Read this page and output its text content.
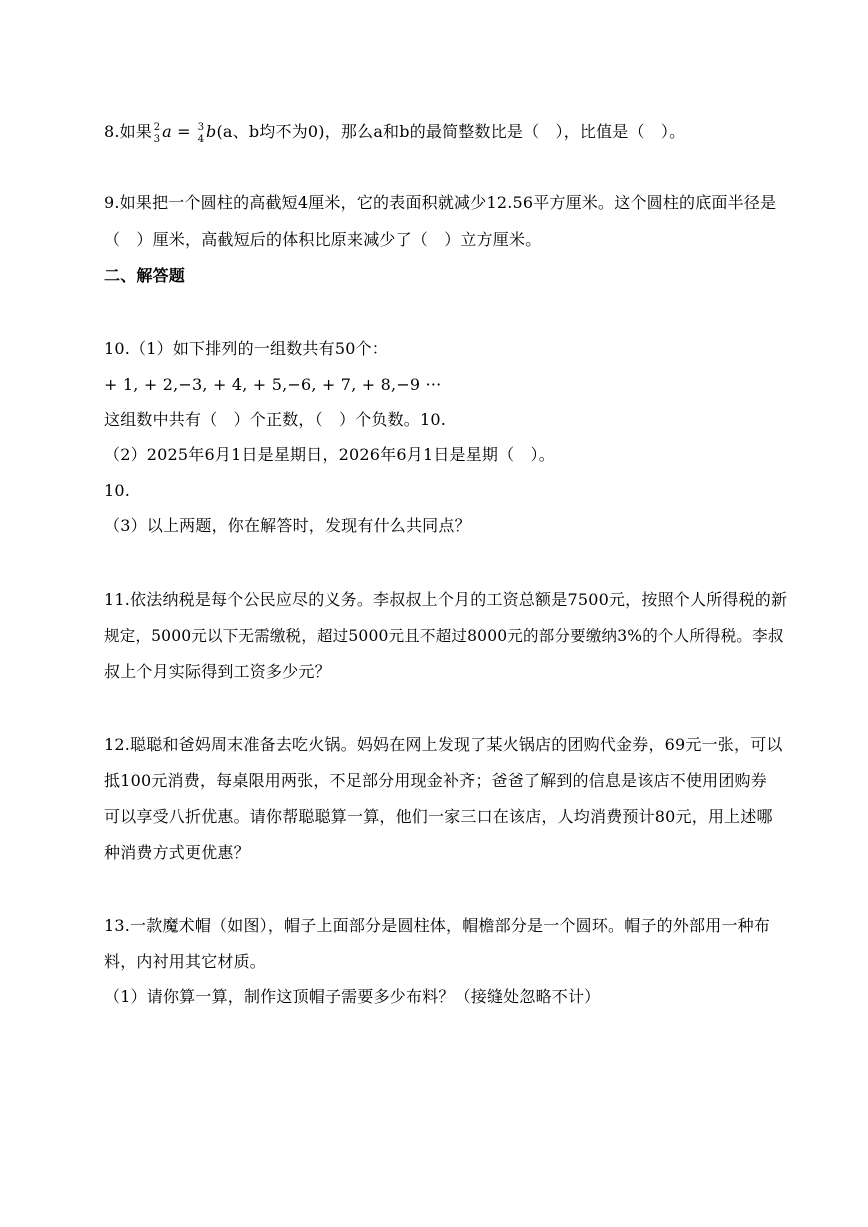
8.如果 2
3 a = 3
4 b(a、b均不为0)，那么a和b的最简整数比是（　），比值是（　）。
9.如果把一个圆柱的高截短4厘米，它的表面积就减少12.56平方厘米。这个圆柱的底面半径是
（　）厘米，高截短后的体积比原来减少了（　）立方厘米。
二、解答题
10.（1）如下排列的一组数共有50个：
+ 1, + 2,−3, + 4, + 5,−6, + 7, + 8,−9 ···
这组数中共有（　）个正数，（　）个负数。10.
（2）2025年6月1日是星期日，2026年6月1日是星期（　）。
10.
（3）以上两题，你在解答时，发现有什么共同点？
11.依法纳税是每个公民应尽的义务。李叔叔上个月的工资总额是7500元，按照个人所得税的新
规定，5000元以下无需缴税，超过5000元且不超过8000元的部分要缴纳3%的个人所得税。李叔
叔上个月实际得到工资多少元？
12.聪聪和爸妈周末准备去吃火锅。妈妈在网上发现了某火锅店的团购代金券，69元一张，可以
抵100元消费，每桌限用两张，不足部分用现金补齐；爸爸了解到的信息是该店不使用团购券
可以享受八折优惠。请你帮聪聪算一算，他们一家三口在该店，人均消费预计80元，用上述哪
种消费方式更优惠？
13.一款魔术帽（如图），帽子上面部分是圆柱体，帽檐部分是一个圆环。帽子的外部用一种布
料，内衬用其它材质。
（1）请你算一算，制作这顶帽子需要多少布料？（接缝处忽略不计）
